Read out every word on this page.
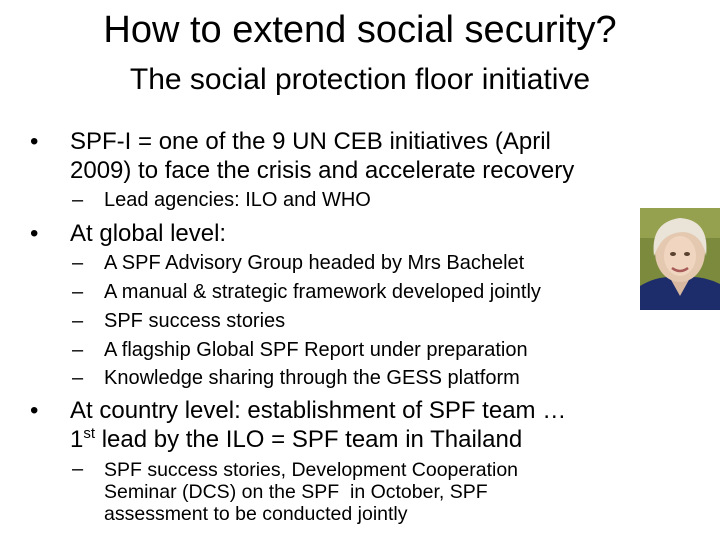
How to extend social security?
The social protection floor initiative
• SPF-I = one of the 9 UN CEB initiatives (April
2009) to face the crisis and accelerate recovery
– Lead agencies: ILO and WHO
• At global level:
– A SPF Advisory Group headed by Mrs Bachelet
– A manual & strategic framework developed jointly
– SPF success stories
– A flagship Global SPF Report under preparation
– Knowledge sharing through the GESS platform
• At country level: establishment of SPF team …
1st lead by the ILO = SPF team in Thailand
– SPF success stories, Development Cooperation
Seminar (DCS) on the SPF  in October, SPF
assessment to be conducted jointly
